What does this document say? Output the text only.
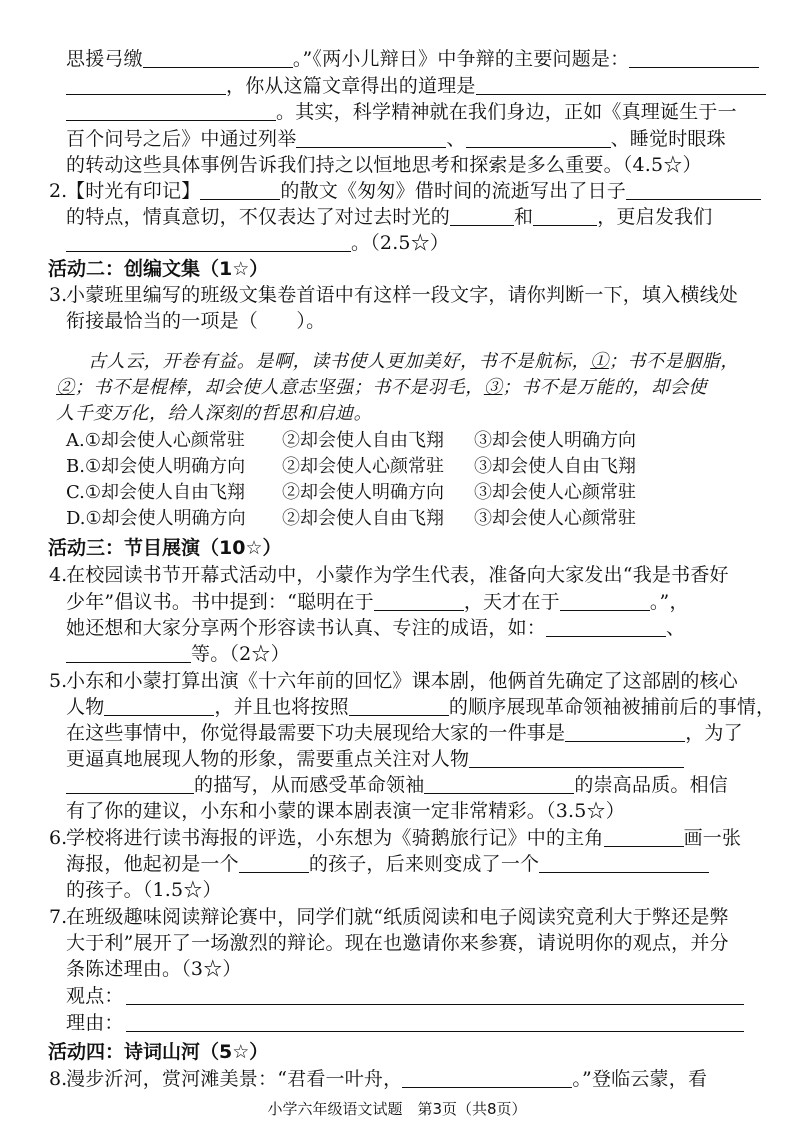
思援弓缴	。”《两小儿辩日》中争辩的主要问题是：
，你从这篇文章得出的道理是
。其实，科学精神就在我们身边，正如《真理诞生于一
百个问号之后》中通过列举	、	、睡觉时眼珠
的转动这些具体事例告诉我们持之以恒地思考和探索是多么重要。（4.5☆）
2.
【时光有印记】	的散文《匆匆》借时间的流逝写出了日子
的特点，情真意切，不仅表达了对过去时光的	和	，更启发我们
。（2.5☆）
活动二：创编文集（1☆）
3.
小蒙班里编写的班级文集卷首语中有这样一段文字，请你判断一下，填入横线处
衔接最恰当的一项是（　　）。
古人云，开卷有益。是啊，读书使人更加美好，书不是航标，①；书不是胭脂，
②；书不是棍棒，却会使人意志坚强；书不是羽毛，③；书不是万能的，却会使
人千变万化，给人深刻的哲思和启迪。
A.①却会使人心颜常驻 ②却会使人自由飞翔 ③却会使人明确方向
B.①却会使人明确方向 ②却会使人心颜常驻 ③却会使人自由飞翔
C.①却会使人自由飞翔 ②却会使人明确方向 ③却会使人心颜常驻
D.①却会使人明确方向 ②却会使人自由飞翔 ③却会使人心颜常驻
活动三：节目展演（10☆）
4.
在校园读书节开幕式活动中，小蒙作为学生代表，准备向大家发出“我是书香好
少年”倡议书。书中提到：“聪明在于	，天才在于	。”，
她还想和大家分享两个形容读书认真、专注的成语，如：	、
等。（2☆）
5.
小东和小蒙打算出演《十六年前的回忆》课本剧，他俩首先确定了这部剧的核心
人物	，并且也将按照	的顺序展现革命领袖被捕前后的事情，
在这些事情中，你觉得最需要下功夫展现给大家的一件事是	，为了
更逼真地展现人物的形象，需要重点关注对人物
的描写，从而感受革命领袖	的崇高品质。相信
有了你的建议，小东和小蒙的课本剧表演一定非常精彩。（3.5☆）
6.
学校将进行读书海报的评选，小东想为《骑鹅旅行记》中的主角	画一张
海报，他起初是一个	的孩子，后来则变成了一个
的孩子。（1.5☆）
7.
在班级趣味阅读辩论赛中，同学们就“纸质阅读和电子阅读究竟利大于弊还是弊
大于利”展开了一场激烈的辩论。现在也邀请你来参赛，请说明你的观点，并分
条陈述理由。（3☆）
观点：
理由：
活动四：诗词山河（5☆）
8.
漫步沂河，赏河滩美景：“君看一叶舟，	。”登临云蒙，看
小学六年级语文试题　第3页（共8页）
